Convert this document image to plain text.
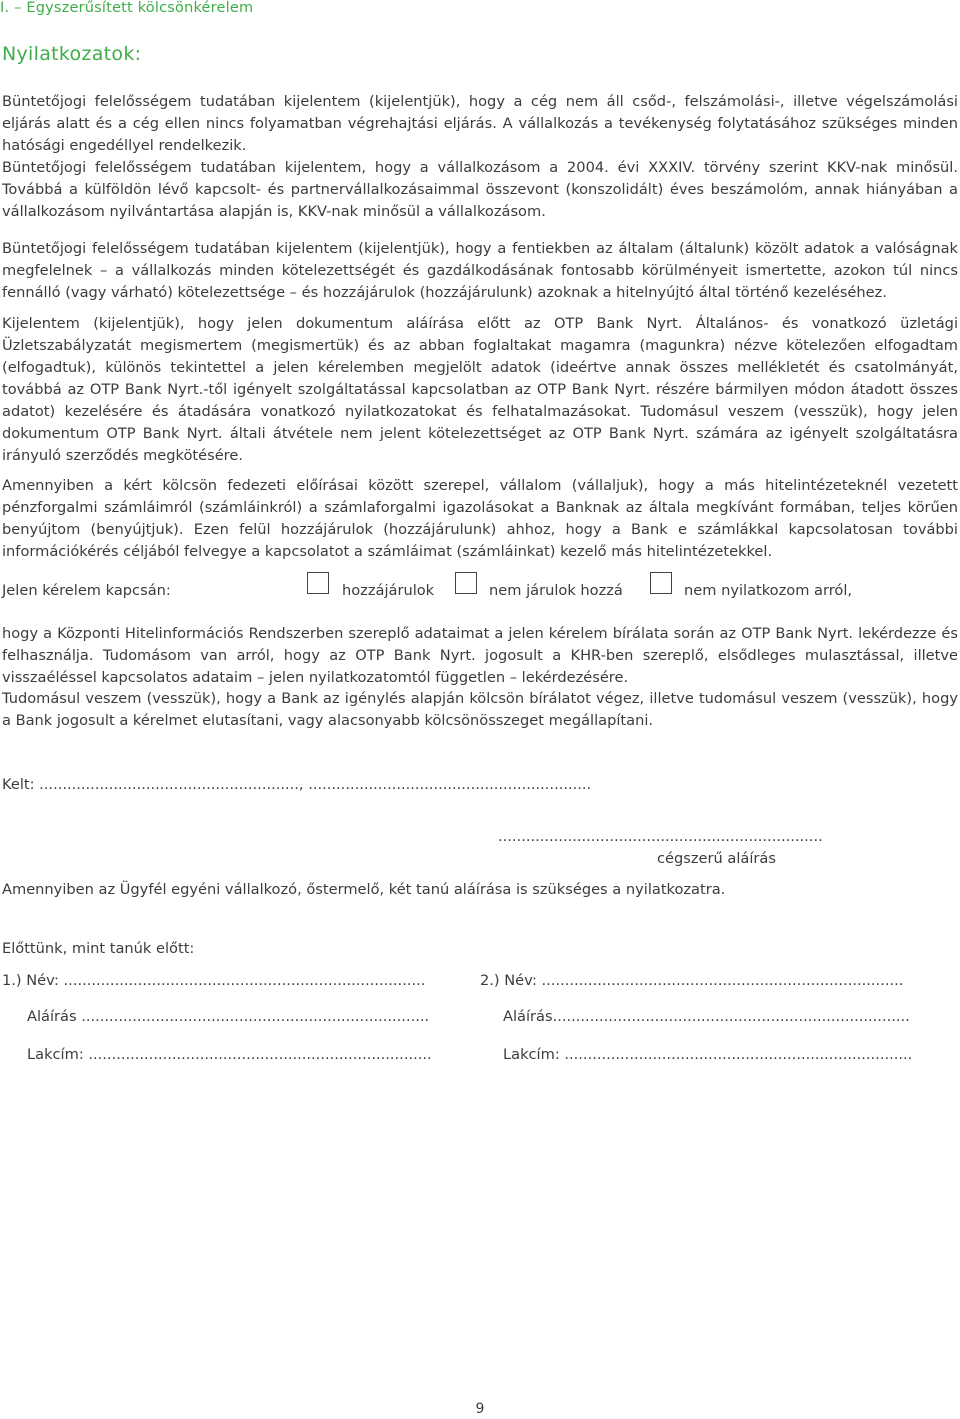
I. – Egyszerűsített kölcsönkérelem
Nyilatkozatok:

Büntetőjogi felelősségem tudatában kijelentem (kijelentjük), hogy a cég nem áll csőd-, felszámolási-, illetve végelszámolási eljárás alatt és a cég ellen nincs folyamatban végrehajtási eljárás. A vállalkozás a tevékenység folytatásához szükséges minden hatósági engedéllyel rendelkezik.

Büntetőjogi felelősségem tudatában kijelentem, hogy a vállalkozásom a 2004. évi XXXIV. törvény szerint KKV-nak minősül. Továbbá a külföldön lévő kapcsolt- és partnervállalkozásaimmal összevont (konszolidált) éves beszámolóm, annak hiányában a vállalkozásom nyilvántartása alapján is, KKV-nak minősül a vállalkozásom.

Büntetőjogi felelősségem tudatában kijelentem (kijelentjük), hogy a fentiekben az általam (általunk) közölt adatok a valóságnak megfelelnek – a vállalkozás minden kötelezettségét és gazdálkodásának fontosabb körülményeit ismertette, azokon túl nincs fennálló (vagy várható) kötelezettsége – és hozzájárulok (hozzájárulunk) azoknak a hitelnyújtó által történő kezeléséhez.

Kijelentem (kijelentjük), hogy jelen dokumentum aláírása előtt az OTP Bank Nyrt. Általános- és vonatkozó üzletági Üzletszabályzatát megismertem (megismertük) és az abban foglaltakat magamra (magunkra) nézve kötelezően elfogadtam (elfogadtuk), különös tekintettel a jelen kérelemben megjelölt adatok (ideértve annak összes mellékletét és csatolmányát, továbbá az OTP Bank Nyrt.-től igényelt szolgáltatással kapcsolatban az OTP Bank Nyrt. részére bármilyen módon átadott összes adatot) kezelésére és átadására vonatkozó nyilatkozatokat és felhatalmazásokat. Tudomásul veszem (vesszük), hogy jelen dokumentum OTP Bank Nyrt. általi átvétele nem jelent kötelezettséget az OTP Bank Nyrt. számára az igényelt szolgáltatásra irányuló szerződés megkötésére.

Amennyiben a kért kölcsön fedezeti előírásai között szerepel, vállalom (vállaljuk), hogy a más hitelintézeteknél vezetett pénzforgalmi számláimról (számláinkról) a számlaforgalmi igazolásokat a Banknak az általa megkívánt formában, teljes körűen benyújtom (benyújtjuk). Ezen felül hozzájárulok (hozzájárulunk) ahhoz, hogy a Bank e számlákkal kapcsolatosan további információkérés céljából felvegye a kapcsolatot a számláimat (számláinkat) kezelő más hitelintézetekkel.

Jelen kérelem kapcsán:	hozzájárulok	nem járulok hozzá	nem nyilatkozom arról,

hogy a Központi Hitelinformációs Rendszerben szereplő adataimat a jelen kérelem bírálata során az OTP Bank Nyrt. lekérdezze és felhasználja. Tudomásom van arról, hogy az OTP Bank Nyrt. jogosult a KHR-ben szereplő, elsődleges mulasztással, illetve visszaéléssel kapcsolatos adataim – jelen nyilatkozatomtól független – lekérdezésére.

Tudomásul veszem (vesszük), hogy a Bank az igénylés alapján kölcsön bírálatot végez, illetve tudomásul veszem (vesszük), hogy a Bank jogosult a kérelmet elutasítani, vagy alacsonyabb kölcsönösszeget megállapítani.

Kelt: ........................................................, .............................................................
......................................................................
cégszerű aláírás
Amennyiben az Ügyfél egyéni vállalkozó, őstermelő, két tanú aláírása is szükséges a nyilatkozatra.
Előttünk, mint tanúk előtt:
1.) Név: ..............................................................................	2.) Név: ..............................................................................
Aláírás ...........................................................................	Aláírás.............................................................................
Lakcím: ..........................................................................	Lakcím: ...........................................................................
9
